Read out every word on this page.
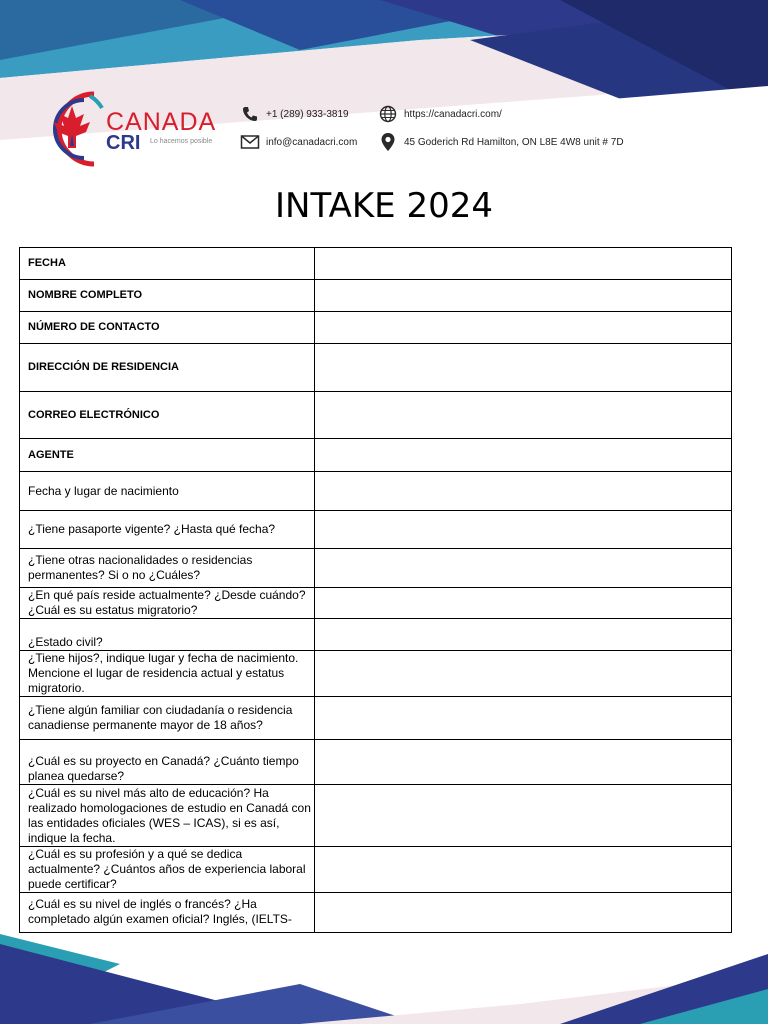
CANADA
CRI Lo hacemos posible
+1 (289) 933-3819
info@canadacri.com
https://canadacri.com/
45 Goderich Rd Hamilton, ON L8E 4W8 unit # 7D
INTAKE 2024
FECHA	
NOMBRE COMPLETO	
NÚMERO DE CONTACTO	
DIRECCIÓN DE RESIDENCIA	
CORREO ELECTRÓNICO	
AGENTE	
Fecha y lugar de nacimiento	
¿Tiene pasaporte vigente? ¿Hasta qué fecha?	
¿Tiene otras nacionalidades o residencias permanentes? Si o no ¿Cuáles?	
¿En qué país reside actualmente? ¿Desde cuándo? ¿Cuál es su estatus migratorio?	
¿Estado civil?	
¿Tiene hijos?, indique lugar y fecha de nacimiento. Mencione el lugar de residencia actual y estatus migratorio.	
¿Tiene algún familiar con ciudadanía o residencia canadiense permanente mayor de 18 años?	
¿Cuál es su proyecto en Canadá? ¿Cuánto tiempo planea quedarse?	
¿Cuál es su nivel más alto de educación? Ha realizado homologaciones de estudio en Canadá con las entidades oficiales (WES – ICAS), si es así, indique la fecha.	
¿Cuál es su profesión y a qué se dedica actualmente? ¿Cuántos años de experiencia laboral puede certificar?	
¿Cuál es su nivel de inglés o francés? ¿Ha completado algún examen oficial? Inglés, (IELTS-	
